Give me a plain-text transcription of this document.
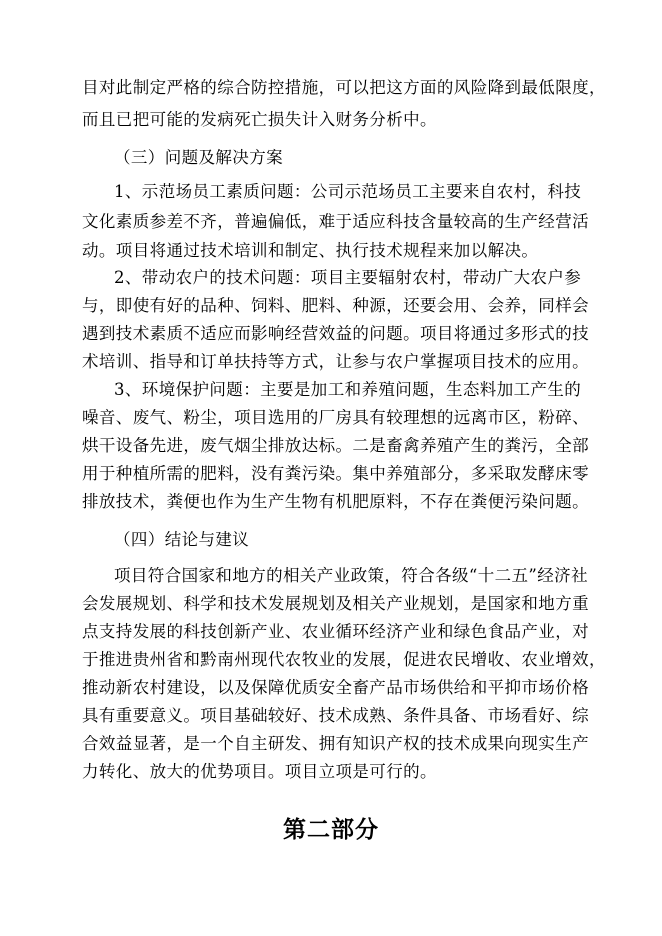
目对此制定严格的综合防控措施，可以把这方面的风险降到最低限度，
而且已把可能的发病死亡损失计入财务分析中。
（三）问题及解决方案
1、示范场员工素质问题：公司示范场员工主要来自农村，科技
文化素质参差不齐，普遍偏低，难于适应科技含量较高的生产经营活
动。项目将通过技术培训和制定、执行技术规程来加以解决。
2、带动农户的技术问题：项目主要辐射农村，带动广大农户参
与，即使有好的品种、饲料、肥料、种源，还要会用、会养，同样会
遇到技术素质不适应而影响经营效益的问题。项目将通过多形式的技
术培训、指导和订单扶持等方式，让参与农户掌握项目技术的应用。
3、环境保护问题：主要是加工和养殖问题，生态料加工产生的
噪音、废气、粉尘，项目选用的厂房具有较理想的远离市区，粉碎、
烘干设备先进，废气烟尘排放达标。二是畜禽养殖产生的粪污，全部
用于种植所需的肥料，没有粪污染。集中养殖部分，多采取发酵床零
排放技术，粪便也作为生产生物有机肥原料，不存在粪便污染问题。
（四）结论与建议
项目符合国家和地方的相关产业政策，符合各级“十二五”经济社
会发展规划、科学和技术发展规划及相关产业规划，是国家和地方重
点支持发展的科技创新产业、农业循环经济产业和绿色食品产业，对
于推进贵州省和黔南州现代农牧业的发展，促进农民增收、农业增效，
推动新农村建设，以及保障优质安全畜产品市场供给和平抑市场价格
具有重要意义。项目基础较好、技术成熟、条件具备、市场看好、综
合效益显著，是一个自主研发、拥有知识产权的技术成果向现实生产
力转化、放大的优势项目。项目立项是可行的。
第二部分
